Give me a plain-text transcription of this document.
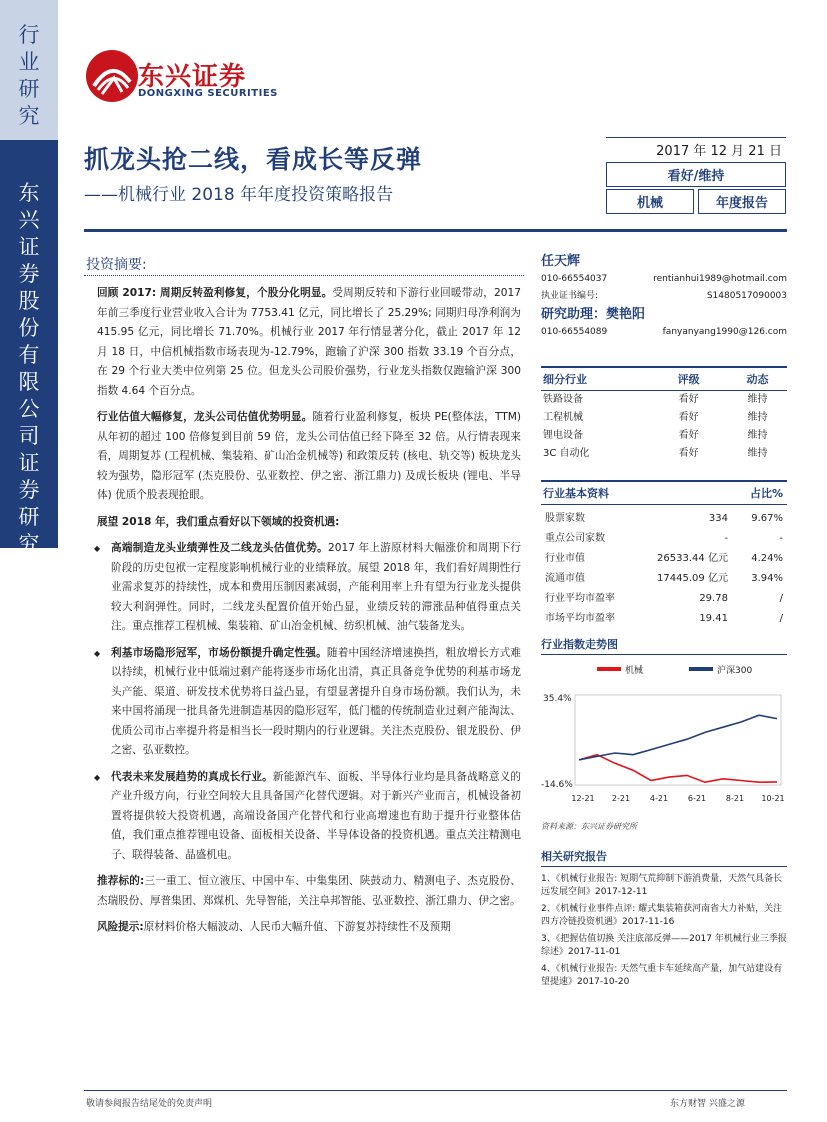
行业研究
东兴证券股份有限公司证券研究报告
东兴证券
DONGXING SECURITIES
抓龙头抢二线，看成长等反弹
——机械行业 2018 年年度投资策略报告
2017 年 12 月 21 日
看好/维持
机械	年度报告
投资摘要:

回顾 2017: 周期反转盈利修复，个股分化明显。受周期反转和下游行业回暖带动，2017 年前三季度行业营业收入合计为 7753.41 亿元，同比增长了 25.29%; 同期归母净利润为 415.95 亿元，同比增长 71.70%。机械行业 2017 年行情显著分化，截止 2017 年 12 月 18 日，中信机械指数市场表现为-12.79%，跑输了沪深 300 指数 33.19 个百分点，在 29 个行业大类中位列第 25 位。但龙头公司股价强势，行业龙头指数仅跑输沪深 300 指数 4.64 个百分点。

行业估值大幅修复，龙头公司估值优势明显。随着行业盈利修复，板块 PE(整体法，TTM) 从年初的超过 100 倍修复到目前 59 倍，龙头公司估值已经下降至 32 倍。从行情表现来看，周期复苏 (工程机械、集装箱、矿山冶金机械等) 和政策反转 (核电、轨交等) 板块龙头较为强势，隐形冠军 (杰克股份、弘亚数控、伊之密、浙江鼎力) 及成长板块 (锂电、半导体) 优质个股表现抢眼。

展望 2018 年，我们重点看好以下领域的投资机遇:

◆ 高端制造龙头业绩弹性及二线龙头估值优势。2017 年上游原材料大幅涨价和周期下行阶段的历史包袱一定程度影响机械行业的业绩释放。展望 2018 年，我们看好周期性行业需求复苏的持续性，成本和费用压制因素减弱，产能利用率上升有望为行业龙头提供较大利润弹性。同时，二线龙头配置价值开始凸显，业绩反转的滞涨品种值得重点关注。重点推荐工程机械、集装箱、矿山冶金机械、纺织机械、油气装备龙头。

◆ 利基市场隐形冠军，市场份额提升确定性强。随着中国经济增速换挡，粗放增长方式难以持续，机械行业中低端过剩产能将逐步市场化出清，真正具备竞争优势的利基市场龙头产能、渠道、研发技术优势将日益凸显，有望显著提升自身市场份额。我们认为，未来中国将涌现一批具备先进制造基因的隐形冠军，低门槛的传统制造业过剩产能淘汰、优质公司市占率提升将是相当长一段时期内的行业逻辑。关注杰克股份、银龙股份、伊之密、弘亚数控。

◆ 代表未来发展趋势的真成长行业。新能源汽车、面板、半导体行业均是具备战略意义的产业升级方向，行业空间较大且具备国产化替代逻辑。对于新兴产业而言，机械设备初置将提供较大投资机遇，高端设备国产化替代和行业高增速也有助于提升行业整体估值，我们重点推荐锂电设备、面板相关设备、半导体设备的投资机遇。重点关注精测电子、联得装备、晶盛机电。

推荐标的:三一重工、恒立液压、中国中车、中集集团、陕鼓动力、精测电子、杰克股份、杰瑞股份、厚普集团、郑煤机、先导智能，关注阜邦智能、弘亚数控、浙江鼎力、伊之密。

风险提示:原材料价格大幅波动、人民币大幅升值、下游复苏持续性不及预期

任天辉
010-66554037	rentianhui1989@hotmail.com
执业证书编号:	S1480517090003
研究助理：樊艳阳
010-66554089	fanyanyang1990@126.com
细分行业	评级	动态
铁路设备	看好	维持
工程机械	看好	维持
锂电设备	看好	维持
3C 自动化	看好	维持
行业基本资料	占比%
股票家数	334	9.67%
重点公司家数	-	-
行业市值	26533.44 亿元	4.24%
流通市值	17445.09 亿元	3.94%
行业平均市盈率	29.78	/
市场平均市盈率	19.41	/
行业指数走势图
机械	沪深300
35.4%
-14.6%
12-21 2-21 4-21 6-21 8-21 10-21
资料来源：东兴证券研究所
相关研究报告
1、《机械行业报告: 短期气荒抑制下游消费量，天然气具备长远发展空间》2017-12-11
2、《机械行业事件点评: 耀式集装箱获河南省大力补贴，关注四方冷链投资机遇》2017-11-16
3、《把握估值切换 关注底部反弹——2017 年机械行业三季报综述》2017-11-01
4、《机械行业报告: 天然气重卡车延续高产量，加气站建设有望提速》2017-10-20
敬请参阅报告结尾处的免责声明	东方财智 兴盛之源
